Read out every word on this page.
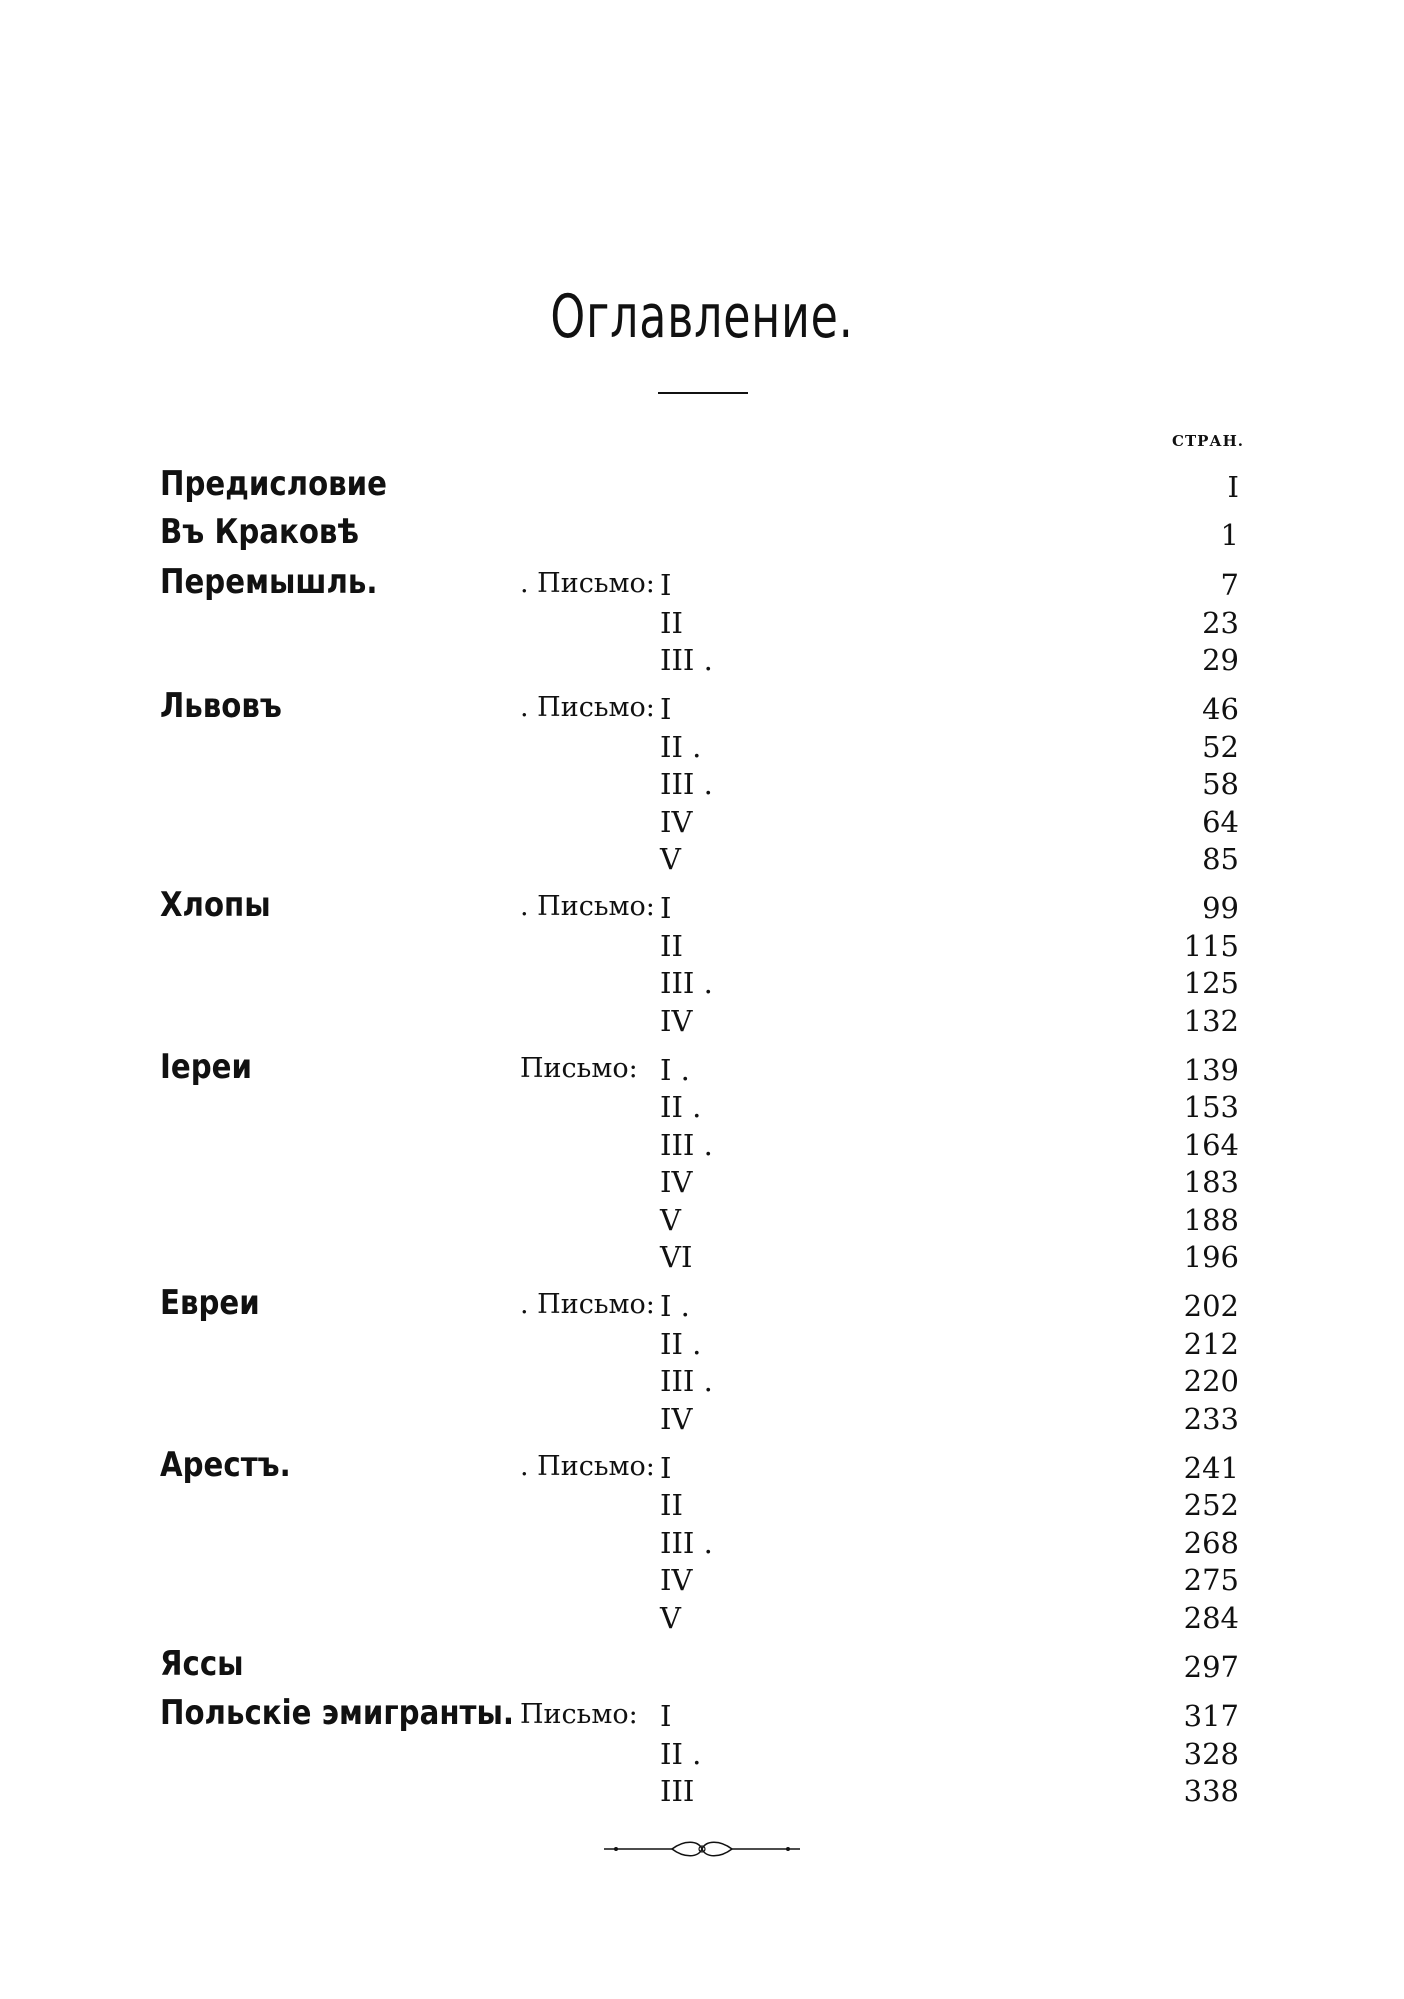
Оглавление.
СТРАН.
Предисловие	I
Въ Краковѣ	1
Перемышль.	. Письмо: I	7
II	23
III .	29
Львовъ	. Письмо: I	46
II .	52
III .	58
IV	64
V	85
Хлопы	. Письмо: I	99
II	115
III .	125
IV	132
Іереи	Письмо: I .	139
II .	153
III .	164
IV	183
V	188
VI	196
Евреи	. Письмо: I .	202
II .	212
III .	220
IV	233
Арестъ.	. Письмо: I	241
II	252
III .	268
IV	275
V	284
Яссы	297
Польскіе эмигранты. Письмо: I	317
II .	328
III	338
